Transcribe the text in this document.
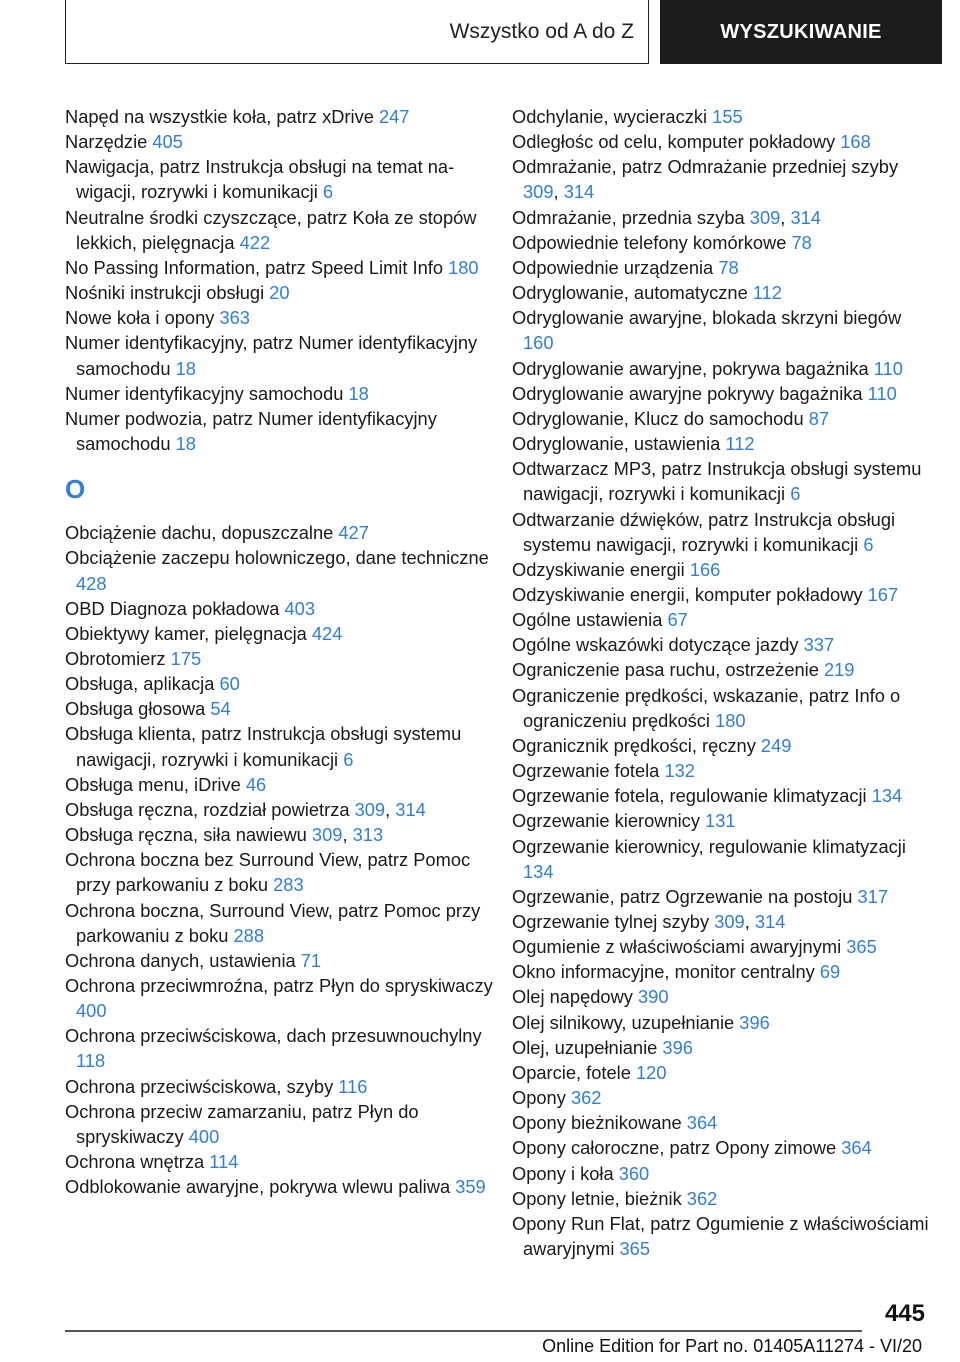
Wszystko od A do Z	WYSZUKIWANIE
Napęd na wszystkie koła, patrz xDrive 247
Narzędzie 405
Nawigacja, patrz Instrukcja obsługi na temat nawigacji, rozrywki i komunikacji 6
Neutralne środki czyszczące, patrz Koła ze stopów lekkich, pielęgnacja 422
No Passing Information, patrz Speed Limit Info 180
Nośniki instrukcji obsługi 20
Nowe koła i opony 363
Numer identyfikacyjny, patrz Numer identyfikacyjny samochodu 18
Numer identyfikacyjny samochodu 18
Numer podwozia, patrz Numer identyfikacyjny samochodu 18
O
Obciążenie dachu, dopuszczalne 427
Obciążenie zaczepu holowniczego, dane techniczne 428
OBD Diagnoza pokładowa 403
Obiektywy kamer, pielęgnacja 424
Obrotomierz 175
Obsługa, aplikacja 60
Obsługa głosowa 54
Obsługa klienta, patrz Instrukcja obsługi systemu nawigacji, rozrywki i komunikacji 6
Obsługa menu, iDrive 46
Obsługa ręczna, rozdział powietrza 309, 314
Obsługa ręczna, siła nawiewu 309, 313
Ochrona boczna bez Surround View, patrz Pomoc przy parkowaniu z boku 283
Ochrona boczna, Surround View, patrz Pomoc przy parkowaniu z boku 288
Ochrona danych, ustawienia 71
Ochrona przeciwmroźna, patrz Płyn do spryskiwaczy 400
Ochrona przeciwściskowa, dach przesuwnouchylny 118
Ochrona przeciwściskowa, szyby 116
Ochrona przeciw zamarzaniu, patrz Płyn do spryskiwaczy 400
Ochrona wnętrza 114
Odblokowanie awaryjne, pokrywa wlewu paliwa 359
Odchylanie, wycieraczki 155
Odległośc od celu, komputer pokładowy 168
Odmrażanie, patrz Odmrażanie przedniej szyby 309, 314
Odmrażanie, przednia szyba 309, 314
Odpowiednie telefony komórkowe 78
Odpowiednie urządzenia 78
Odryglowanie, automatyczne 112
Odryglowanie awaryjne, blokada skrzyni biegów 160
Odryglowanie awaryjne, pokrywa bagażnika 110
Odryglowanie awaryjne pokrywy bagażnika 110
Odryglowanie, Klucz do samochodu 87
Odryglowanie, ustawienia 112
Odtwarzacz MP3, patrz Instrukcja obsługi systemu nawigacji, rozrywki i komunikacji 6
Odtwarzanie dźwięków, patrz Instrukcja obsługi systemu nawigacji, rozrywki i komunikacji 6
Odzyskiwanie energii 166
Odzyskiwanie energii, komputer pokładowy 167
Ogólne ustawienia 67
Ogólne wskazówki dotyczące jazdy 337
Ograniczenie pasa ruchu, ostrzeżenie 219
Ograniczenie prędkości, wskazanie, patrz Info o ograniczeniu prędkości 180
Ogranicznik prędkości, ręczny 249
Ogrzewanie fotela 132
Ogrzewanie fotela, regulowanie klimatyzacji 134
Ogrzewanie kierownicy 131
Ogrzewanie kierownicy, regulowanie klimatyzacji 134
Ogrzewanie, patrz Ogrzewanie na postoju 317
Ogrzewanie tylnej szyby 309, 314
Ogumienie z właściwościami awaryjnymi 365
Okno informacyjne, monitor centralny 69
Olej napędowy 390
Olej silnikowy, uzupełnianie 396
Olej, uzupełnianie 396
Oparcie, fotele 120
Opony 362
Opony bieżnikowane 364
Opony całoroczne, patrz Opony zimowe 364
Opony i koła 360
Opony letnie, bieżnik 362
Opony Run Flat, patrz Ogumienie z właściwościami awaryjnymi 365
445
Online Edition for Part no. 01405A11274 - VI/20
